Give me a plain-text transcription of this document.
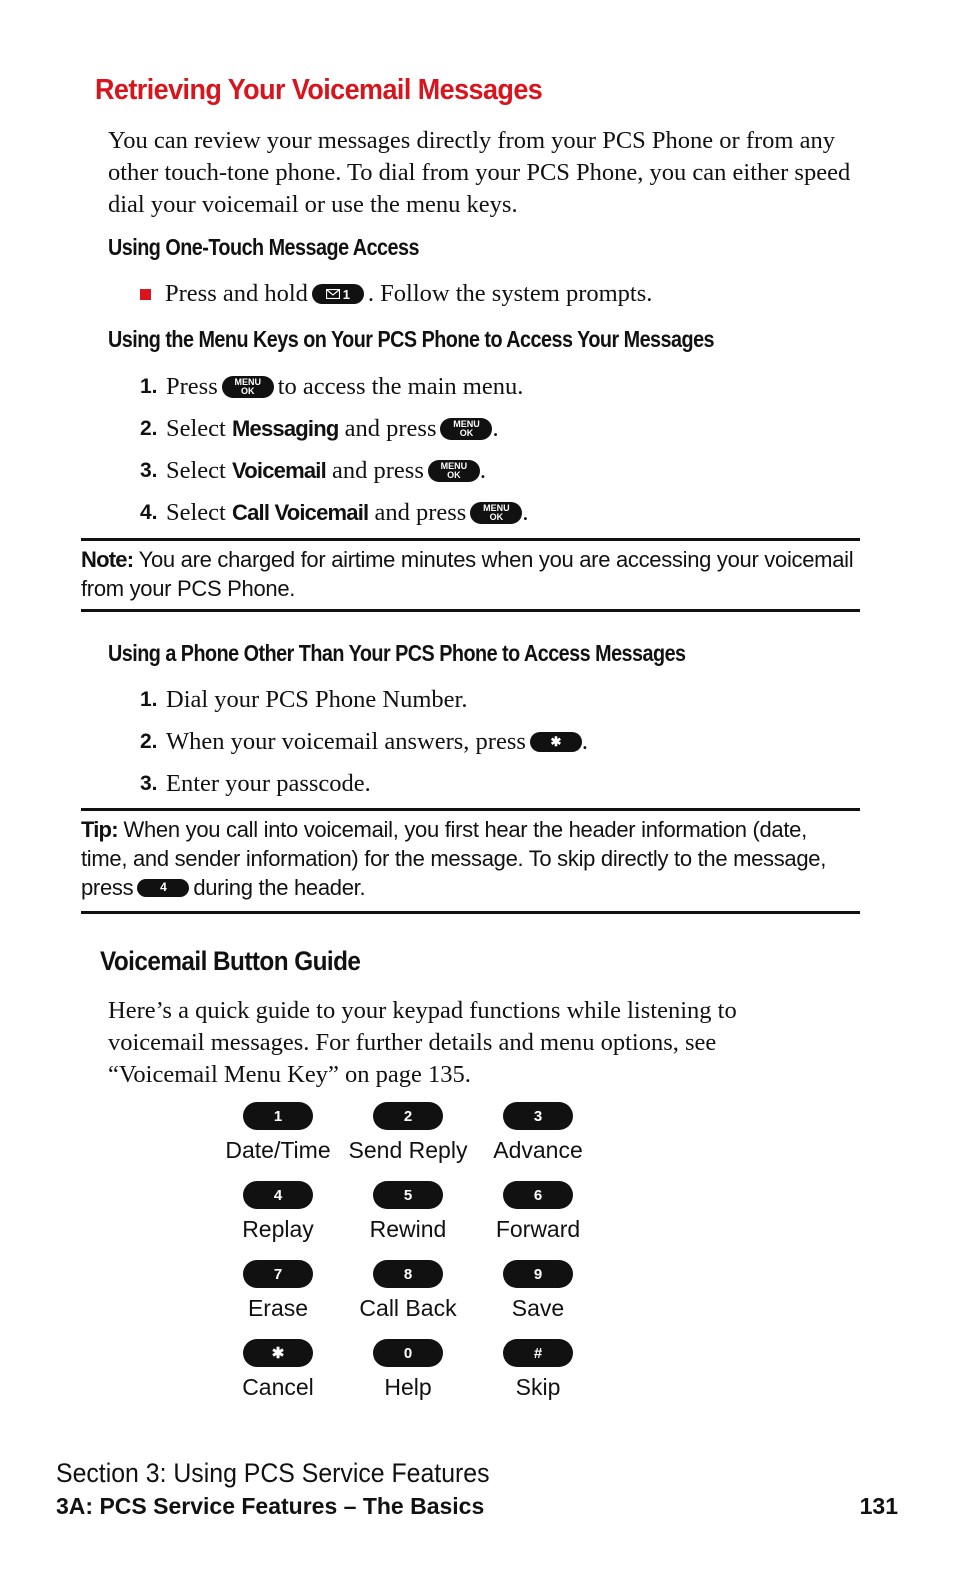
Retrieving Your Voicemail Messages
You can review your messages directly from your PCS Phone or from any other touch-tone phone. To dial from your PCS Phone, you can either speed dial your voicemail or use the menu keys.
Using One-Touch Message Access
Press and hold	1 . Follow the system prompts.
Using the Menu Keys on Your PCS Phone to Access Your Messages
1. Press MENU
OK to access the main menu.
2. Select
Messaging
and press MENU
OK .
3. Select
Voicemail
and press MENU
OK .
4. Select
Call Voicemail
and press MENU
OK .
Note: You are charged for airtime minutes when you are accessing your voicemail from your PCS Phone.
Using a Phone Other Than Your PCS Phone to Access Messages
1. Dial your PCS Phone Number.
2. When your voicemail answers, press	✱ .
3. Enter your passcode.
Tip: When you call into voicemail, you first hear the header information (date,
time, and sender information) for the message. To skip directly to the message,
press	4	during the header.
Voicemail Button Guide
Here’s a quick guide to your keypad functions while listening to voicemail messages. For further details and menu options, see “Voicemail Menu Key” on page 135.
1
Date/Time
2
Send Reply
3
Advance
4
Replay
5
Rewind
6
Forward
7
Erase
8
Call Back
9
Save
✱
Cancel
0
Help
#
Skip
Section 3: Using PCS Service Features
3A: PCS Service Features – The Basics	131
